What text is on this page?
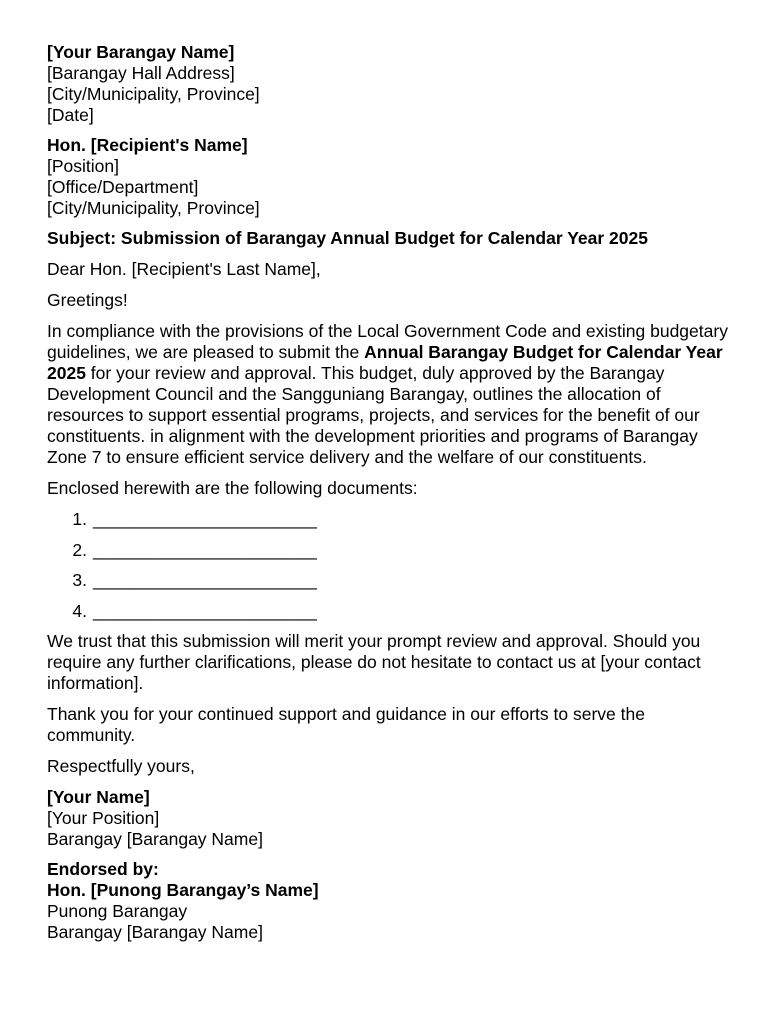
[Your Barangay Name]
[Barangay Hall Address]
[City/Municipality, Province]
[Date]
Hon. [Recipient's Name]
[Position]
[Office/Department]
[City/Municipality, Province]

Subject: Submission of Barangay Annual Budget for Calendar Year 2025

Dear Hon. [Recipient's Last Name],

Greetings!

In compliance with the provisions of the Local Government Code and existing budgetary guidelines, we are pleased to submit the Annual Barangay Budget for Calendar Year 2025 for your review and approval. This budget, duly approved by the Barangay Development Council and the Sangguniang Barangay, outlines the allocation of resources to support essential programs, projects, and services for the benefit of our constituents. in alignment with the development priorities and programs of Barangay Zone 7 to ensure efficient service delivery and the welfare of our constituents.

Enclosed herewith are the following documents:

1. _______________________
2. _______________________
3. _______________________
4. _______________________

We trust that this submission will merit your prompt review and approval. Should you require any further clarifications, please do not hesitate to contact us at [your contact information].

Thank you for your continued support and guidance in our efforts to serve the community.

Respectfully yours,

[Your Name]
[Your Position]
Barangay [Barangay Name]
Endorsed by:
Hon. [Punong Barangay’s Name]
Punong Barangay
Barangay [Barangay Name]
